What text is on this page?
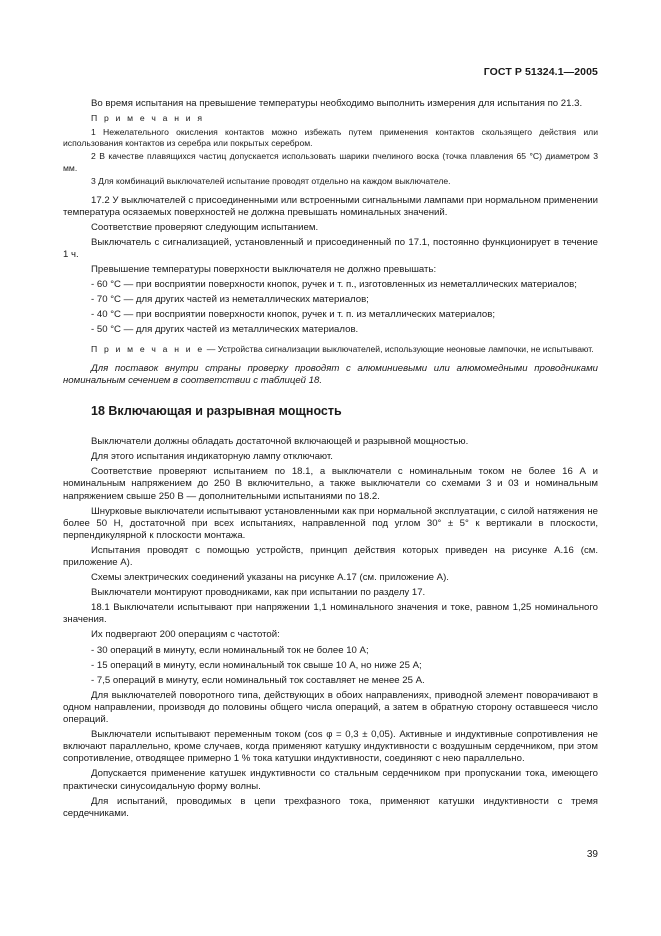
ГОСТ Р 51324.1—2005

Во время испытания на превышение температуры необходимо выполнить измерения для испытания по 21.3.

П р и м е ч а н и я

1 Нежелательного окисления контактов можно избежать путем применения контактов скользящего действия или использования контактов из серебра или покрытых серебром.

2 В качестве плавящихся частиц допускается использовать шарики пчелиного воска (точка плавления 65 °С) диаметром 3 мм.

3 Для комбинаций выключателей испытание проводят отдельно на каждом выключателе.

17.2 У выключателей с присоединенными или встроенными сигнальными лампами при нормальном применении температура осязаемых поверхностей не должна превышать номинальных значений.

Соответствие проверяют следующим испытанием.

Выключатель с сигнализацией, установленный и присоединенный по 17.1, постоянно функционирует в течение 1 ч.

Превышение температуры поверхности выключателя не должно превышать:

- 60 °С — при восприятии поверхности кнопок, ручек и т. п., изготовленных из неметаллических материалов;

- 70 °С — для других частей из неметаллических материалов;

- 40 °С — при восприятии поверхности кнопок, ручек и т. п. из металлических материалов;

- 50 °С — для других частей из металлических материалов.

П р и м е ч а н и е — Устройства сигнализации выключателей, использующие неоновые лампочки, не испытывают.

Для поставок внутри страны проверку проводят с алюминиевыми или алюмомедными проводниками номинальным сечением в соответствии с таблицей 18.

18 Включающая и разрывная мощность

Выключатели должны обладать достаточной включающей и разрывной мощностью.

Для этого испытания индикаторную лампу отключают.

Соответствие проверяют испытанием по 18.1, а выключатели с номинальным током не более 16 А и номинальным напряжением до 250 В включительно, а также выключатели со схемами 3 и 03 и номинальным напряжением свыше 250 В — дополнительными испытаниями по 18.2.

Шнурковые выключатели испытывают установленными как при нормальной эксплуатации, с силой натяжения не более 50 Н, достаточной при всех испытаниях, направленной под углом 30° ± 5° к вертикали в плоскости, перпендикулярной к плоскости монтажа.

Испытания проводят с помощью устройств, принцип действия которых приведен на рисунке А.16 (см. приложение А).

Схемы электрических соединений указаны на рисунке А.17 (см. приложение А).

Выключатели монтируют проводниками, как при испытании по разделу 17.

18.1 Выключатели испытывают при напряжении 1,1 номинального значения и токе, равном 1,25 номинального значения.

Их подвергают 200 операциям с частотой:

- 30 операций в минуту, если номинальный ток не более 10 А;

- 15 операций в минуту, если номинальный ток свыше 10 А, но ниже 25 А;

- 7,5 операций в минуту, если номинальный ток составляет не менее 25 А.

Для выключателей поворотного типа, действующих в обоих направлениях, приводной элемент поворачивают в одном направлении, производя до половины общего числа операций, а затем в обратную сторону оставшееся число операций.

Выключатели испытывают переменным током (cos φ = 0,3 ± 0,05). Активные и индуктивные сопротивления не включают параллельно, кроме случаев, когда применяют катушку индуктивности с воздушным сердечником, при этом сопротивление, отводящее примерно 1 % тока катушки индуктивности, соединяют с нею параллельно.

Допускается применение катушек индуктивности со стальным сердечником при пропускании тока, имеющего практически синусоидальную форму волны.

Для испытаний, проводимых в цепи трехфазного тока, применяют катушки индуктивности с тремя сердечниками.

39
